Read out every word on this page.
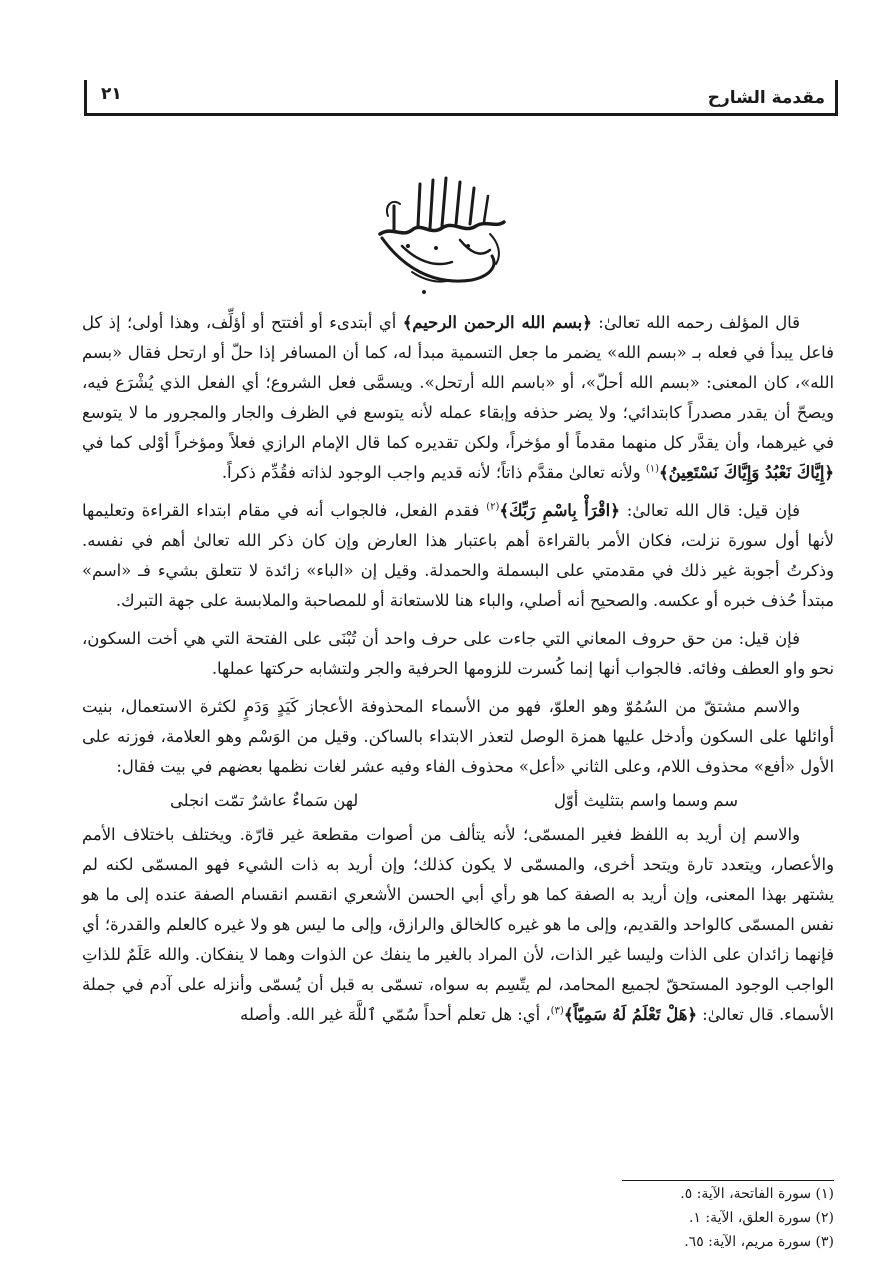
مقدمة الشارح
٢١

قال المؤلف رحمه الله تعالىٰ: ﴿بسم الله الرحمن الرحيم﴾ أي أبتدىء أو أفتتح أو أؤلِّف، وهذا أولى؛ إذ كل فاعل يبدأ في فعله بـ «بسم الله» يضمر ما جعل التسمية مبدأ له، كما أن المسافر إذا حلّ أو ارتحل فقال «بسم الله»، كان المعنى: «بسم الله أحلّ»، أو «باسم الله أرتحل». ويسمَّى فعل الشروع؛ أي الفعل الذي يُشْرَع فيه، ويصحّ أن يقدر مصدراً كابتدائي؛ ولا يضر حذفه وإبقاء عمله لأنه يتوسع في الظرف والجار والمجرور ما لا يتوسع في غيرهما، وأن يقدَّر كل منهما مقدماً أو مؤخراً، ولكن تقديره كما قال الإمام الرازي فعلاً ومؤخراً أوْلى كما في ﴿إِيَّاكَ نَعْبُدُ وَإِيَّاكَ نَسْتَعِينُ﴾$^{(١)}$ ولأنه تعالىٰ مقدَّم ذاتاً؛ لأنه قديم واجب الوجود لذاته فقُدِّم ذكراً.

فإن قيل: قال الله تعالىٰ: ﴿اقْرَأْ بِاسْمِ رَبِّكَ﴾$^{(٢)}$ فقدم الفعل، فالجواب أنه في مقام ابتداء القراءة وتعليمها لأنها أول سورة نزلت، فكان الأمر بالقراءة أهم باعتبار هذا العارض وإن كان ذكر الله تعالىٰ أهم في نفسه. وذكرتُ أجوبة غير ذلك في مقدمتي على البسملة والحمدلة. وقيل إن «الباء» زائدة لا تتعلق بشيء فـ «اسم» مبتدأ حُذف خبره أو عكسه. والصحيح أنه أصلي، والباء هنا للاستعانة أو للمصاحبة والملابسة على جهة التبرك.

فإن قيل: من حق حروف المعاني التي جاءت على حرف واحد أن تُبْنَى على الفتحة التي هي أخت السكون، نحو واو العطف وفائه. فالجواب أنها إنما كُسرت للزومها الحرفية والجر ولتشابه حركتها عملها.

والاسم مشتقّ من السُمُوّ وهو العلوّ، فهو من الأسماء المحذوفة الأعجاز كَيَدٍ وَدَمٍ لكثرة الاستعمال، بنيت أوائلها على السكون وأدخل عليها همزة الوصل لتعذر الابتداء بالساكن. وقيل من الوَسْم وهو العلامة، فوزنه على الأول «أفع» محذوف اللام، وعلى الثاني «أعل» محذوف الفاء وفيه عشر لغات نظمها بعضهم في بيت فقال:

سم وسما واسم بتثليث أوّل
لهن سَماءٌ عاشرٌ تمّت انجلى

والاسم إن أريد به اللفظ فغير المسمّى؛ لأنه يتألف من أصوات مقطعة غير قارّة. ويختلف باختلاف الأمم والأعصار، ويتعدد تارة ويتحد أخرى، والمسمّى لا يكون كذلك؛ وإن أريد به ذات الشيء فهو المسمّى لكنه لم يشتهر بهذا المعنى، وإن أريد به الصفة كما هو رأي أبي الحسن الأشعري انقسم انقسام الصفة عنده إلى ما هو نفس المسمّى كالواحد والقديم، وإلى ما هو غيره كالخالق والرازق، وإلى ما ليس هو ولا غيره كالعلم والقدرة؛ أي فإنهما زائدان على الذات وليسا غير الذات، لأن المراد بالغير ما ينفك عن الذوات وهما لا ينفكان. والله عَلَمٌ للذاتِ الواجب الوجود المستحقّ لجميع المحامد، لم يتّسِم به سواه، تسمّى به قبل أن يُسمّى وأنزله على آدم في جملة الأسماء. قال تعالىٰ: ﴿هَلْ تَعْلَمُ لَهُ سَمِيّاً﴾$^{(٣)}$، أي: هل تعلم أحداً سُمّي ٱللَّهَ غير الله. وأصله

(١) سورة الفاتحة، الآية: ٥.

(٢) سورة العلق، الآية: ١.

(٣) سورة مريم، الآية: ٦٥.
